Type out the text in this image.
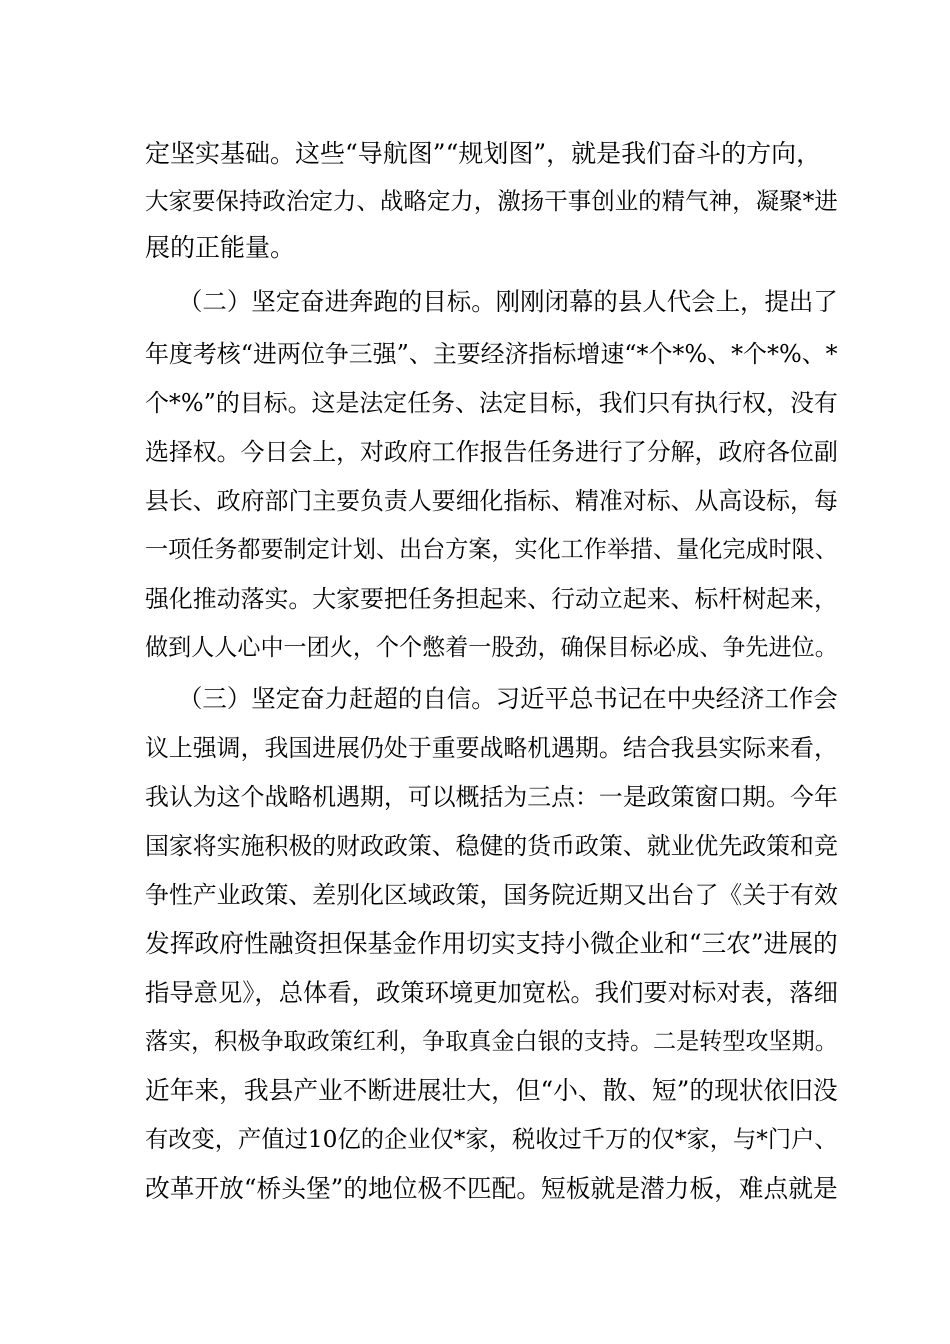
定坚实基础。这些“导航图”“规划图”，就是我们奋斗的方向，
大家要保持政治定力、战略定力，激扬干事创业的精气神，凝聚*进
展的正能量。
（二）坚定奋进奔跑的目标。刚刚闭幕的县人代会上，提出了
年度考核“进两位争三强”、主要经济指标增速“*个*%、*个*%、*
个*%”的目标。这是法定任务、法定目标，我们只有执行权，没有
选择权。今日会上，对政府工作报告任务进行了分解，政府各位副
县长、政府部门主要负责人要细化指标、精准对标、从高设标，每
一项任务都要制定计划、出台方案，实化工作举措、量化完成时限、
强化推动落实。大家要把任务担起来、行动立起来、标杆树起来，
做到人人心中一团火，个个憋着一股劲，确保目标必成、争先进位。
（三）坚定奋力赶超的自信。习近平总书记在中央经济工作会
议上强调，我国进展仍处于重要战略机遇期。结合我县实际来看，
我认为这个战略机遇期，可以概括为三点：一是政策窗口期。今年
国家将实施积极的财政政策、稳健的货币政策、就业优先政策和竞
争性产业政策、差别化区域政策，国务院近期又出台了《关于有效
发挥政府性融资担保基金作用切实支持小微企业和“三农”进展的
指导意见》，总体看，政策环境更加宽松。我们要对标对表，落细
落实，积极争取政策红利，争取真金白银的支持。二是转型攻坚期。
近年来，我县产业不断进展壮大，但“小、散、短”的现状依旧没
有改变，产值过10亿的企业仅*家，税收过千万的仅*家，与*门户、
改革开放“桥头堡”的地位极不匹配。短板就是潜力板，难点就是
